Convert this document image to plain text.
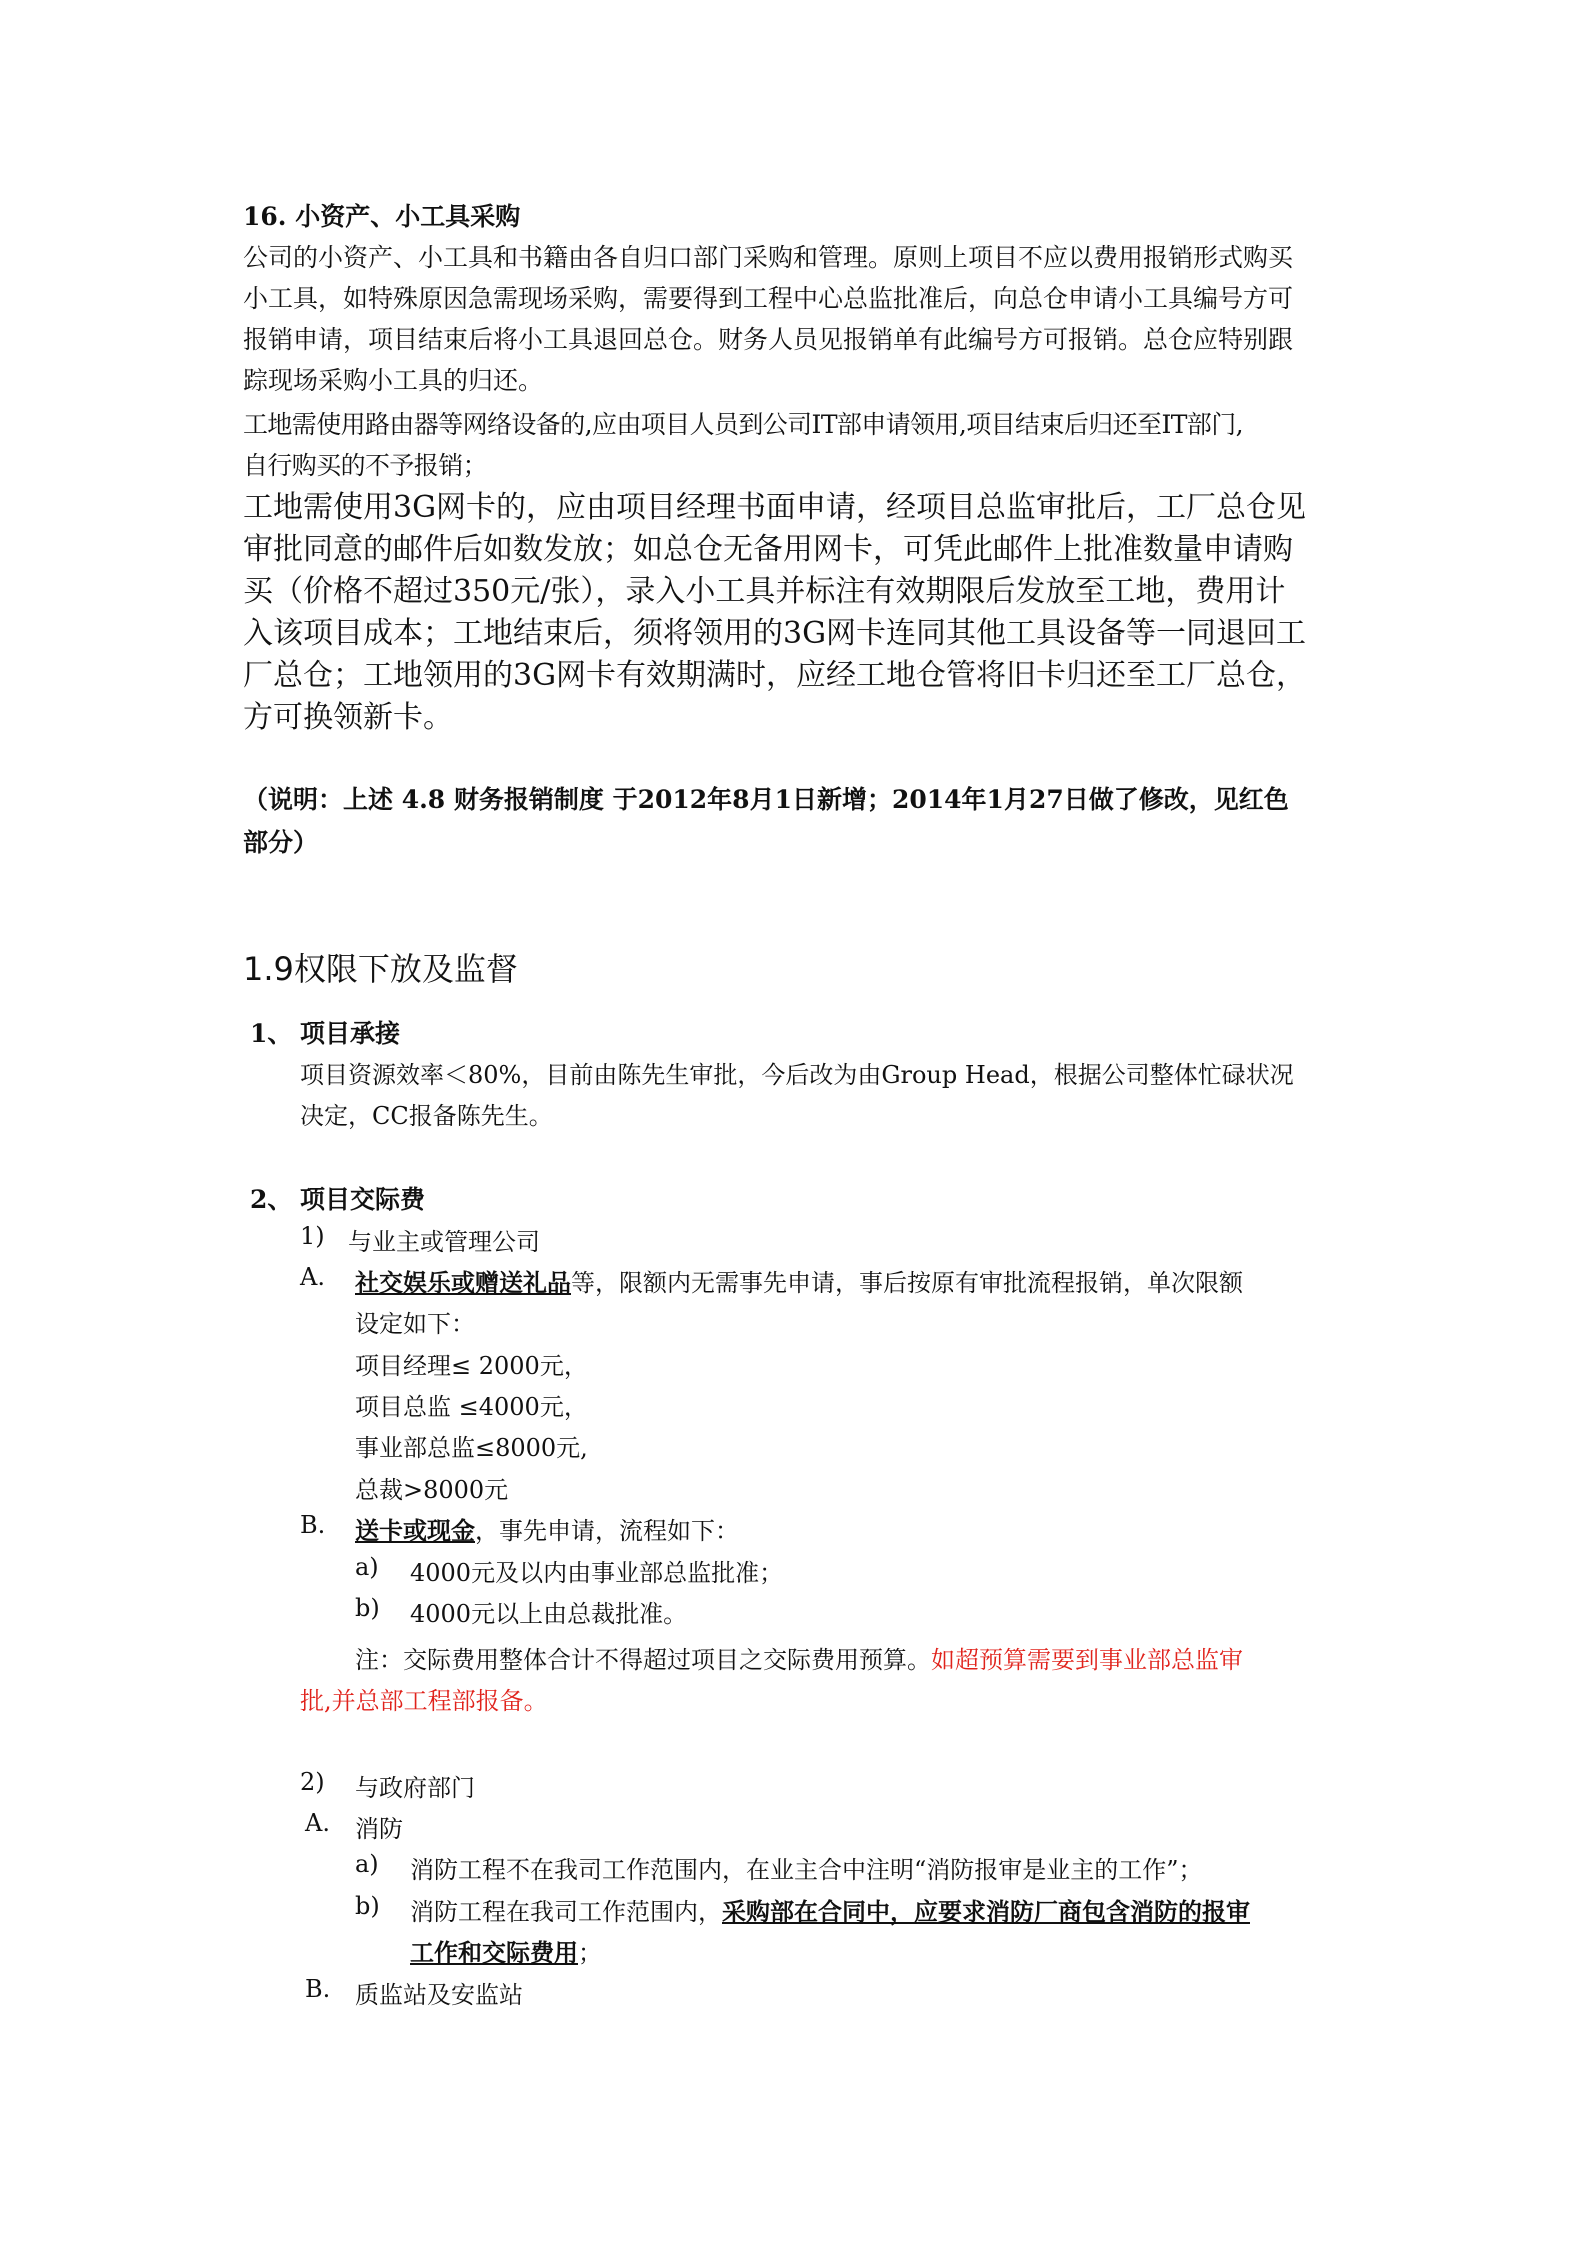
16. 小资产、小工具采购

公司的小资产、小工具和书籍由各自归口部门采购和管理。原则上项目不应以费用报销形式购买

小工具，如特殊原因急需现场采购，需要得到工程中心总监批准后，向总仓申请小工具编号方可

报销申请，项目结束后将小工具退回总仓。财务人员见报销单有此编号方可报销。总仓应特别跟

踪现场采购小工具的归还。

工地需使用路由器等网络设备的,应由项目人员到公司IT部申请领用,项目结束后归还至IT部门,

自行购买的不予报销；

工地需使用3G网卡的，应由项目经理书面申请，经项目总监审批后，工厂总仓见

审批同意的邮件后如数发放；如总仓无备用网卡，可凭此邮件上批准数量申请购

买（价格不超过350元/张），录入小工具并标注有效期限后发放至工地，费用计

入该项目成本；工地结束后，须将领用的3G网卡连同其他工具设备等一同退回工

厂总仓；工地领用的3G网卡有效期满时，应经工地仓管将旧卡归还至工厂总仓，

方可换领新卡。

（说明：上述 4.8 财务报销制度 于2012年8月1日新增；2014年1月27日做了修改，见红色

部分）

1.9权限下放及监督
1、 项目承接
项目资源效率＜80%，目前由陈先生审批，今后改为由Group Head，根据公司整体忙碌状况
决定，CC报备陈先生。
2、 项目交际费
1) 与业主或管理公司
A. 社交娱乐或赠送礼品等，限额内无需事先申请，事后按原有审批流程报销，单次限额
设定如下：
项目经理≤ 2000元，
项目总监 ≤4000元，
事业部总监≤8000元,
总裁>8000元
B. 送卡或现金，事先申请，流程如下：
a) 4000元及以内由事业部总监批准；
b) 4000元以上由总裁批准。
注：交际费用整体合计不得超过项目之交际费用预算。如超预算需要到事业部总监审
批,并总部工程部报备。
2) 与政府部门
A. 消防
a) 消防工程不在我司工作范围内，在业主合中注明“消防报审是业主的工作”；
b) 消防工程在我司工作范围内，采购部在合同中，应要求消防厂商包含消防的报审
工作和交际费用；
B. 质监站及安监站
